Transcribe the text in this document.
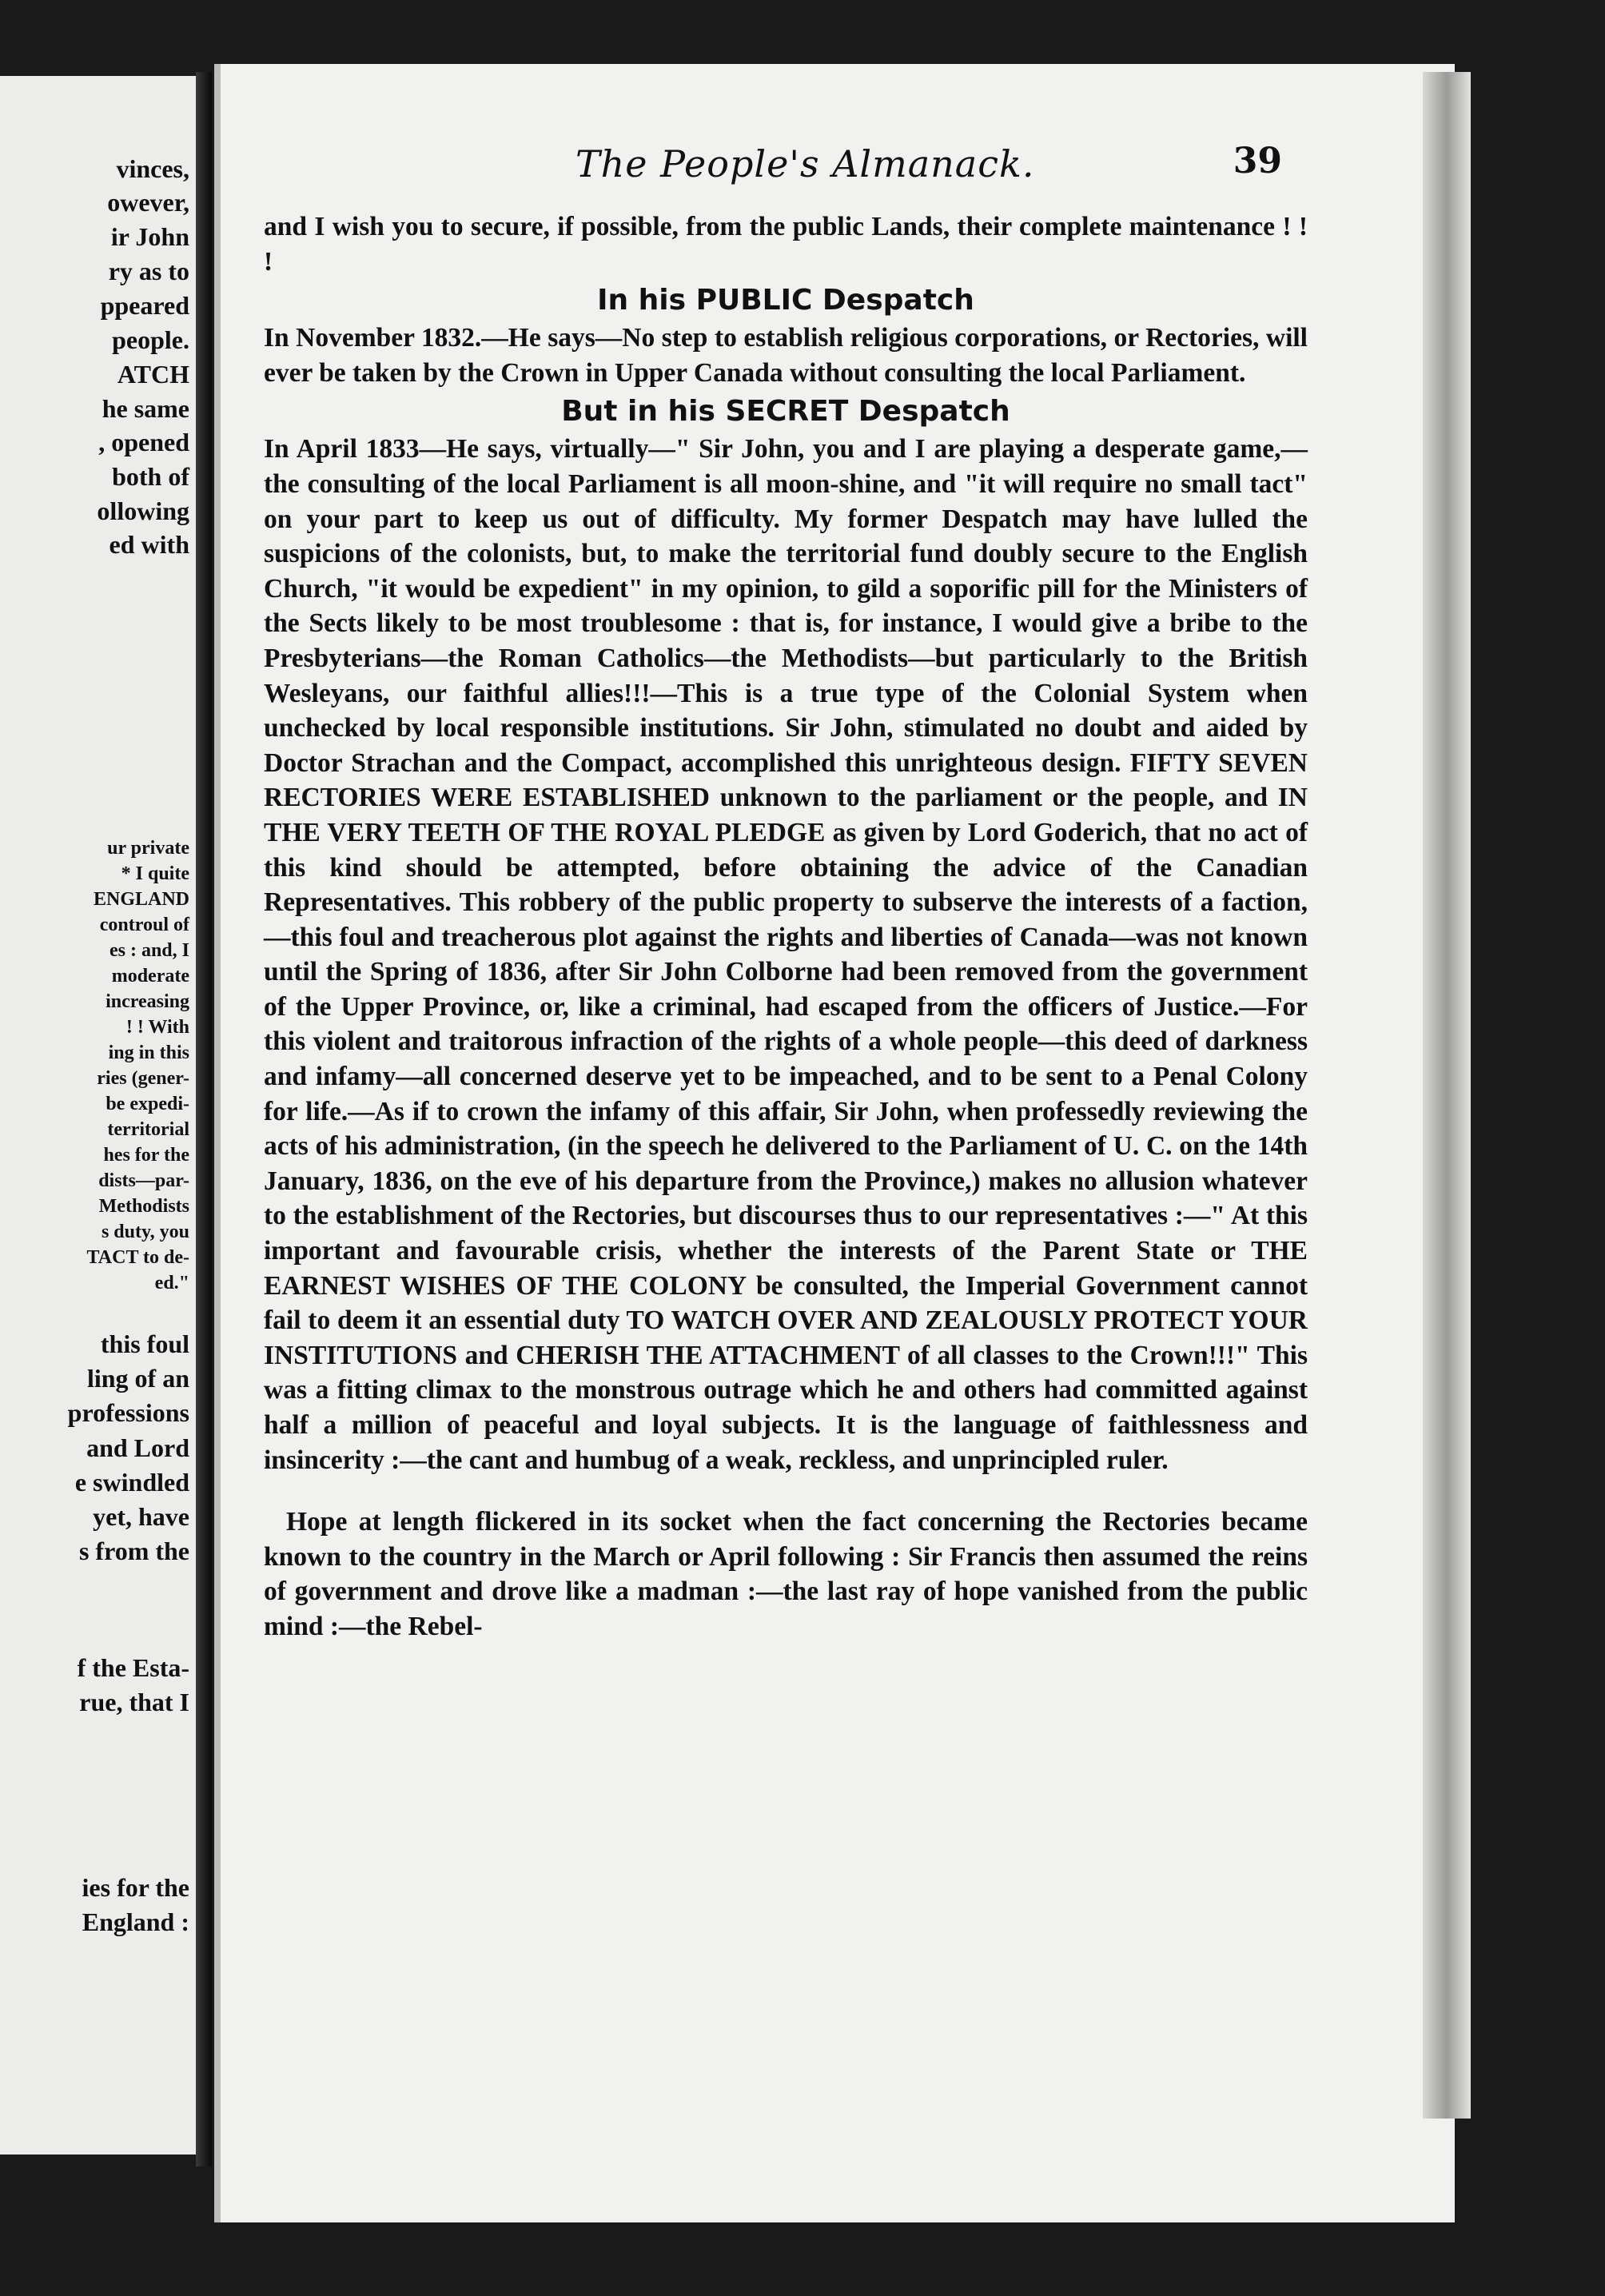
vinces,
owever,
ir John
ry as to
ppeared
people.
ATCH
he same
, opened
both of
ollowing
ed with
ur private
* I quite
ENGLAND
controul of
es : and, I
moderate
increasing
! ! With
ing in this
ries (gener-
be expedi-
territorial
hes for the
dists—par-
Methodists
s duty, you
TACT to de-
ed."
this foul
ling of an
professions
and Lord
e swindled
yet, have
s from the
f the Esta-
rue, that I
ies for the
England :
The People's Almanack.	39

and I wish you to secure, if possible, from the public Lands, their complete maintenance ! ! !

In his PUBLIC Despatch

In November 1832.—He says—No step to establish religious corporations, or Rectories, will ever be taken by the Crown in Upper Canada without consulting the local Parliament.

But in his SECRET Despatch

In April 1833—He says, virtually—" Sir John, you and I are playing a desperate game,—the consulting of the local Parliament is all moon-shine, and "it will require no small tact" on your part to keep us out of difficulty. My former Despatch may have lulled the suspicions of the colonists, but, to make the territorial fund doubly secure to the English Church, "it would be expedient" in my opinion, to gild a soporific pill for the Ministers of the Sects likely to be most troublesome : that is, for instance, I would give a bribe to the Presbyterians—the Roman Catholics—the Methodists—but particularly to the British Wesleyans, our faithful allies!!!—This is a true type of the Colonial System when unchecked by local responsible institutions. Sir John, stimulated no doubt and aided by Doctor Strachan and the Compact, accomplished this unrighteous design. FIFTY SEVEN RECTORIES WERE ESTABLISHED unknown to the parliament or the people, and IN THE VERY TEETH OF THE ROYAL PLEDGE as given by Lord Goderich, that no act of this kind should be attempted, before obtaining the advice of the Canadian Representatives. This robbery of the public property to subserve the interests of a faction,—this foul and treacherous plot against the rights and liberties of Canada—was not known until the Spring of 1836, after Sir John Colborne had been removed from the government of the Upper Province, or, like a criminal, had escaped from the officers of Justice.—For this violent and traitorous infraction of the rights of a whole people—this deed of darkness and infamy—all concerned deserve yet to be impeached, and to be sent to a Penal Colony for life.—As if to crown the infamy of this affair, Sir John, when professedly reviewing the acts of his administration, (in the speech he delivered to the Parliament of U. C. on the 14th January, 1836, on the eve of his departure from the Province,) makes no allusion whatever to the establishment of the Rectories, but discourses thus to our representatives :—" At this important and favourable crisis, whether the interests of the Parent State or THE EARNEST WISHES OF THE COLONY be consulted, the Imperial Government cannot fail to deem it an essential duty TO WATCH OVER AND ZEALOUSLY PROTECT YOUR INSTITUTIONS and CHERISH THE ATTACHMENT of all classes to the Crown!!!" This was a fitting climax to the monstrous outrage which he and others had committed against half a million of peaceful and loyal subjects. It is the language of faithlessness and insincerity :—the cant and humbug of a weak, reckless, and unprincipled ruler.

Hope at length flickered in its socket when the fact concerning the Rectories became known to the country in the March or April following : Sir Francis then assumed the reins of government and drove like a madman :—the last ray of hope vanished from the public mind :—the Rebel-
